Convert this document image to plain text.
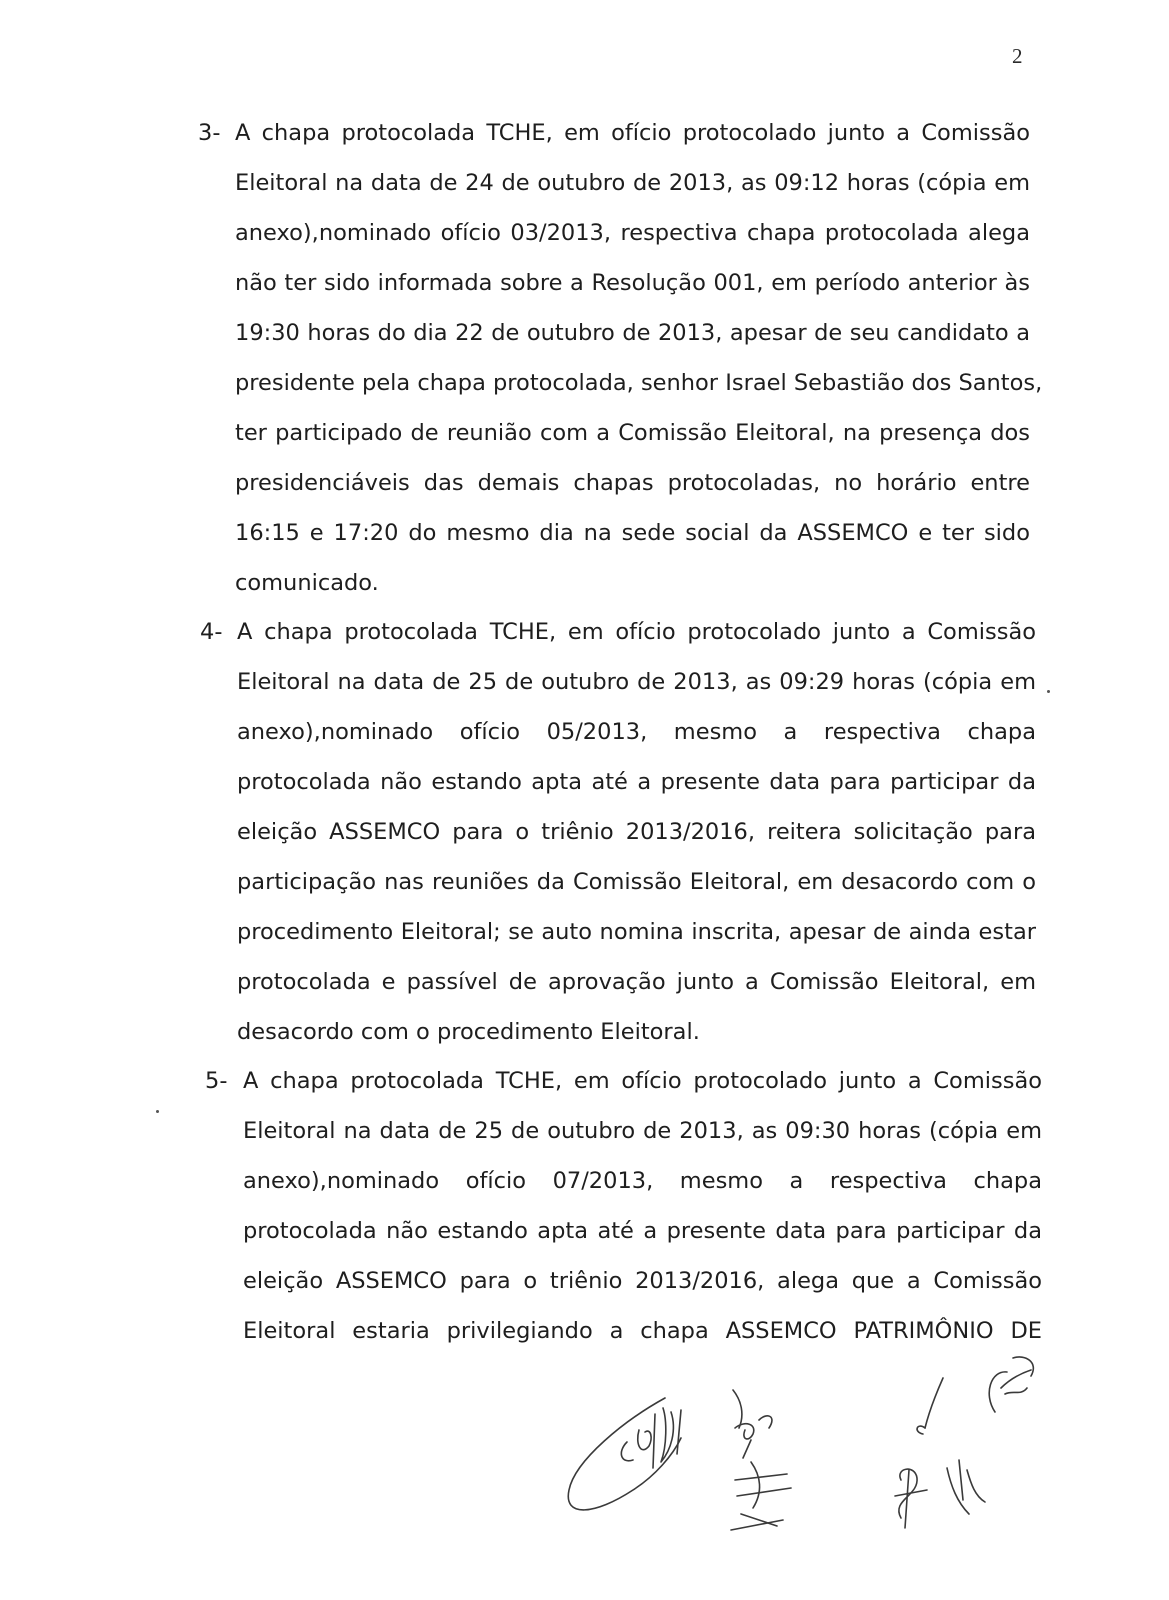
2
3- A chapa protocolada TCHE, em ofício protocolado junto a Comissão
Eleitoral na data de 24 de outubro de 2013, as 09:12 horas (cópia em
anexo),nominado ofício 03/2013, respectiva chapa protocolada alega
não ter sido informada sobre a Resolução 001, em período anterior às
19:30 horas do dia 22 de outubro de 2013, apesar de seu candidato a
presidente pela chapa protocolada, senhor Israel Sebastião dos Santos,
ter participado de reunião com a Comissão Eleitoral, na presença dos
presidenciáveis das demais chapas protocoladas, no horário entre
16:15 e 17:20 do mesmo dia na sede social da ASSEMCO e ter sido
comunicado.
4- A chapa protocolada TCHE, em ofício protocolado junto a Comissão
Eleitoral na data de 25 de outubro de 2013, as 09:29 horas (cópia em
anexo),nominado ofício 05/2013, mesmo a respectiva chapa
protocolada não estando apta até a presente data para participar da
eleição ASSEMCO para o triênio 2013/2016, reitera solicitação para
participação nas reuniões da Comissão Eleitoral, em desacordo com o
procedimento Eleitoral; se auto nomina inscrita, apesar de ainda estar
protocolada e passível de aprovação junto a Comissão Eleitoral, em
desacordo com o procedimento Eleitoral.
5- A chapa protocolada TCHE, em ofício protocolado junto a Comissão
Eleitoral na data de 25 de outubro de 2013, as 09:30 horas (cópia em
anexo),nominado ofício 07/2013, mesmo a respectiva chapa
protocolada não estando apta até a presente data para participar da
eleição ASSEMCO para o triênio 2013/2016, alega que a Comissão
Eleitoral estaria privilegiando a chapa ASSEMCO PATRIMÔNIO DE
